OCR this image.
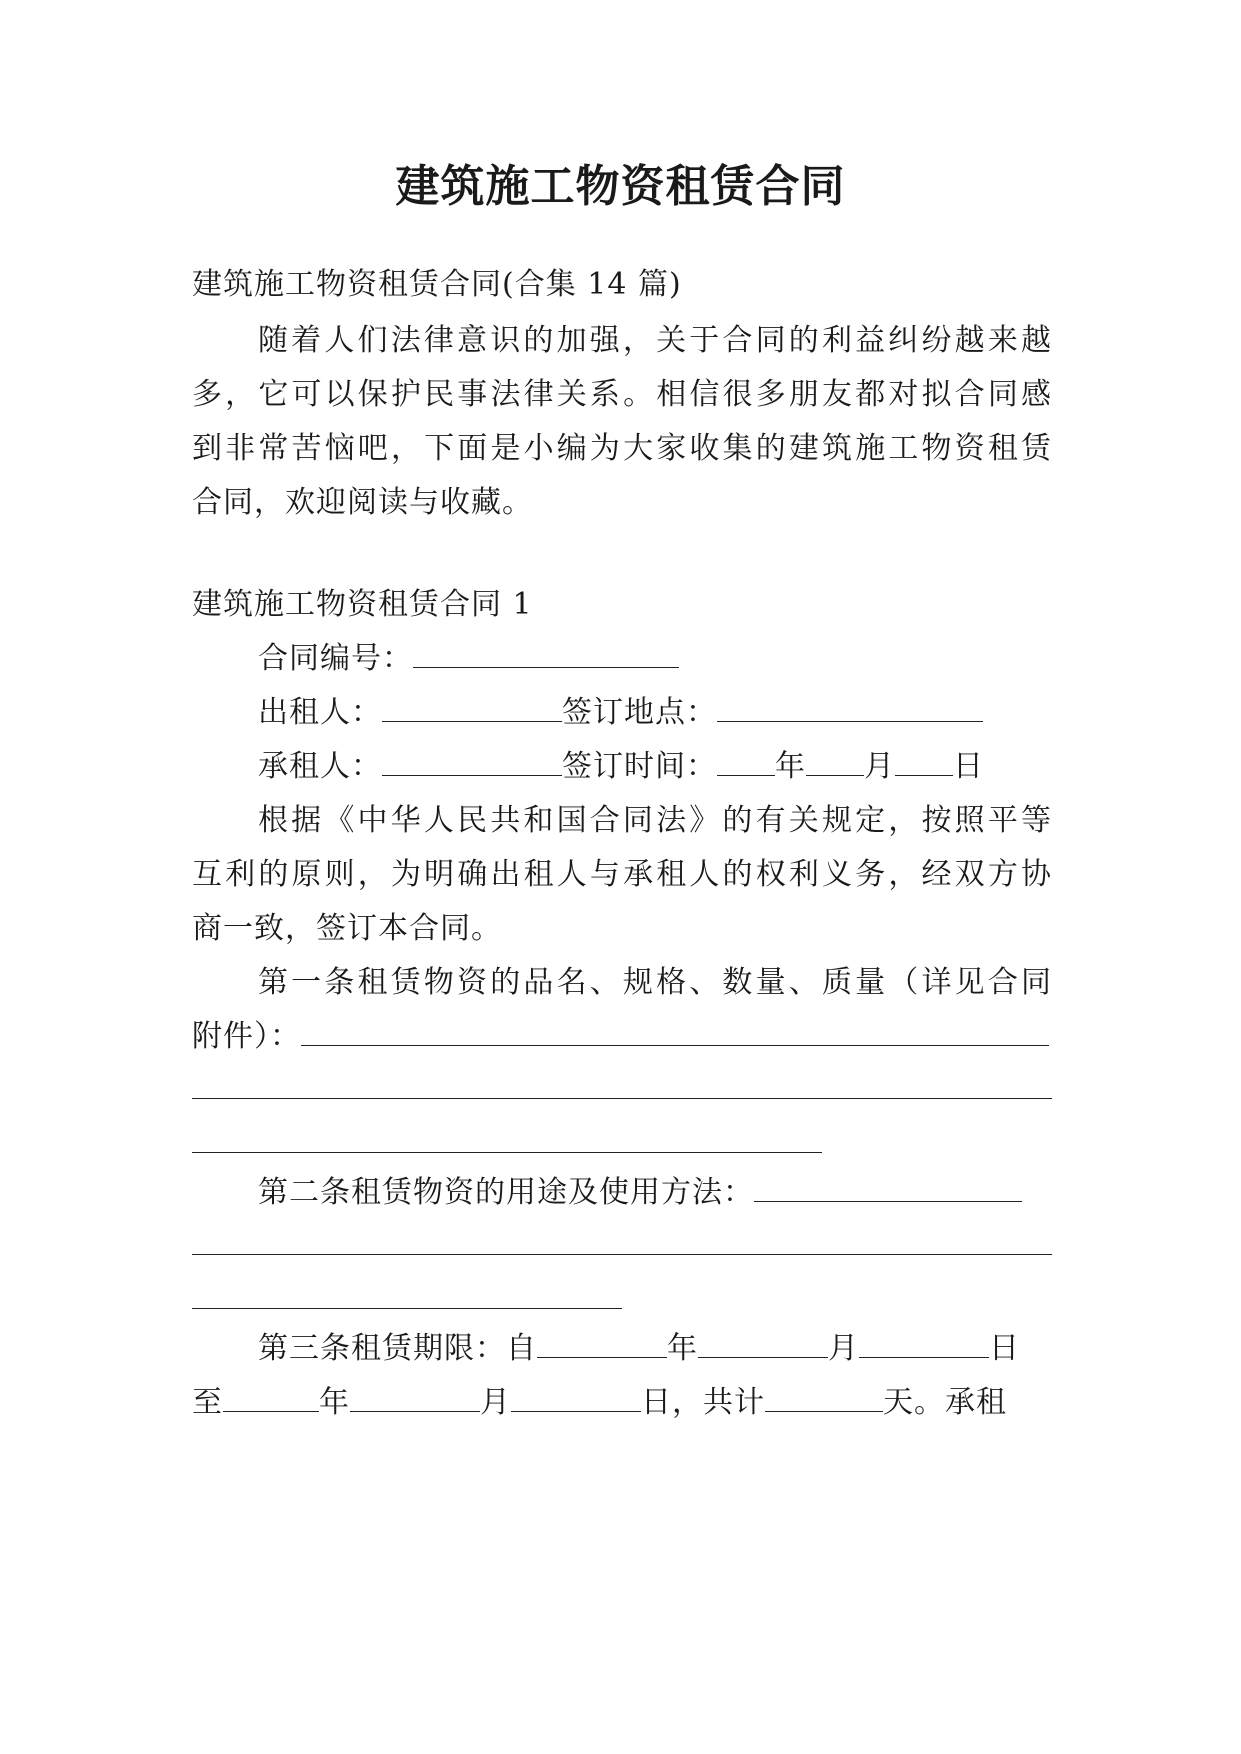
建筑施工物资租赁合同
建筑施工物资租赁合同(合集 14 篇)
随着人们法律意识的加强，关于合同的利益纠纷越来越
多，它可以保护民事法律关系。相信很多朋友都对拟合同感
到非常苦恼吧，下面是小编为大家收集的建筑施工物资租赁
合同，欢迎阅读与收藏。
建筑施工物资租赁合同 1
合同编号：
出租人：	签订地点：
承租人：	签订时间： 年 月 日
根据《中华人民共和国合同法》的有关规定，按照平等
互利的原则，为明确出租人与承租人的权利义务，经双方协
商一致，签订本合同。
第一条租赁物资的品名、规格、数量、质量（详见合同
附件）：
第二条租赁物资的用途及使用方法：
第三条租赁期限：自	年	月	日
至	年	月	日，共计	天。承租
